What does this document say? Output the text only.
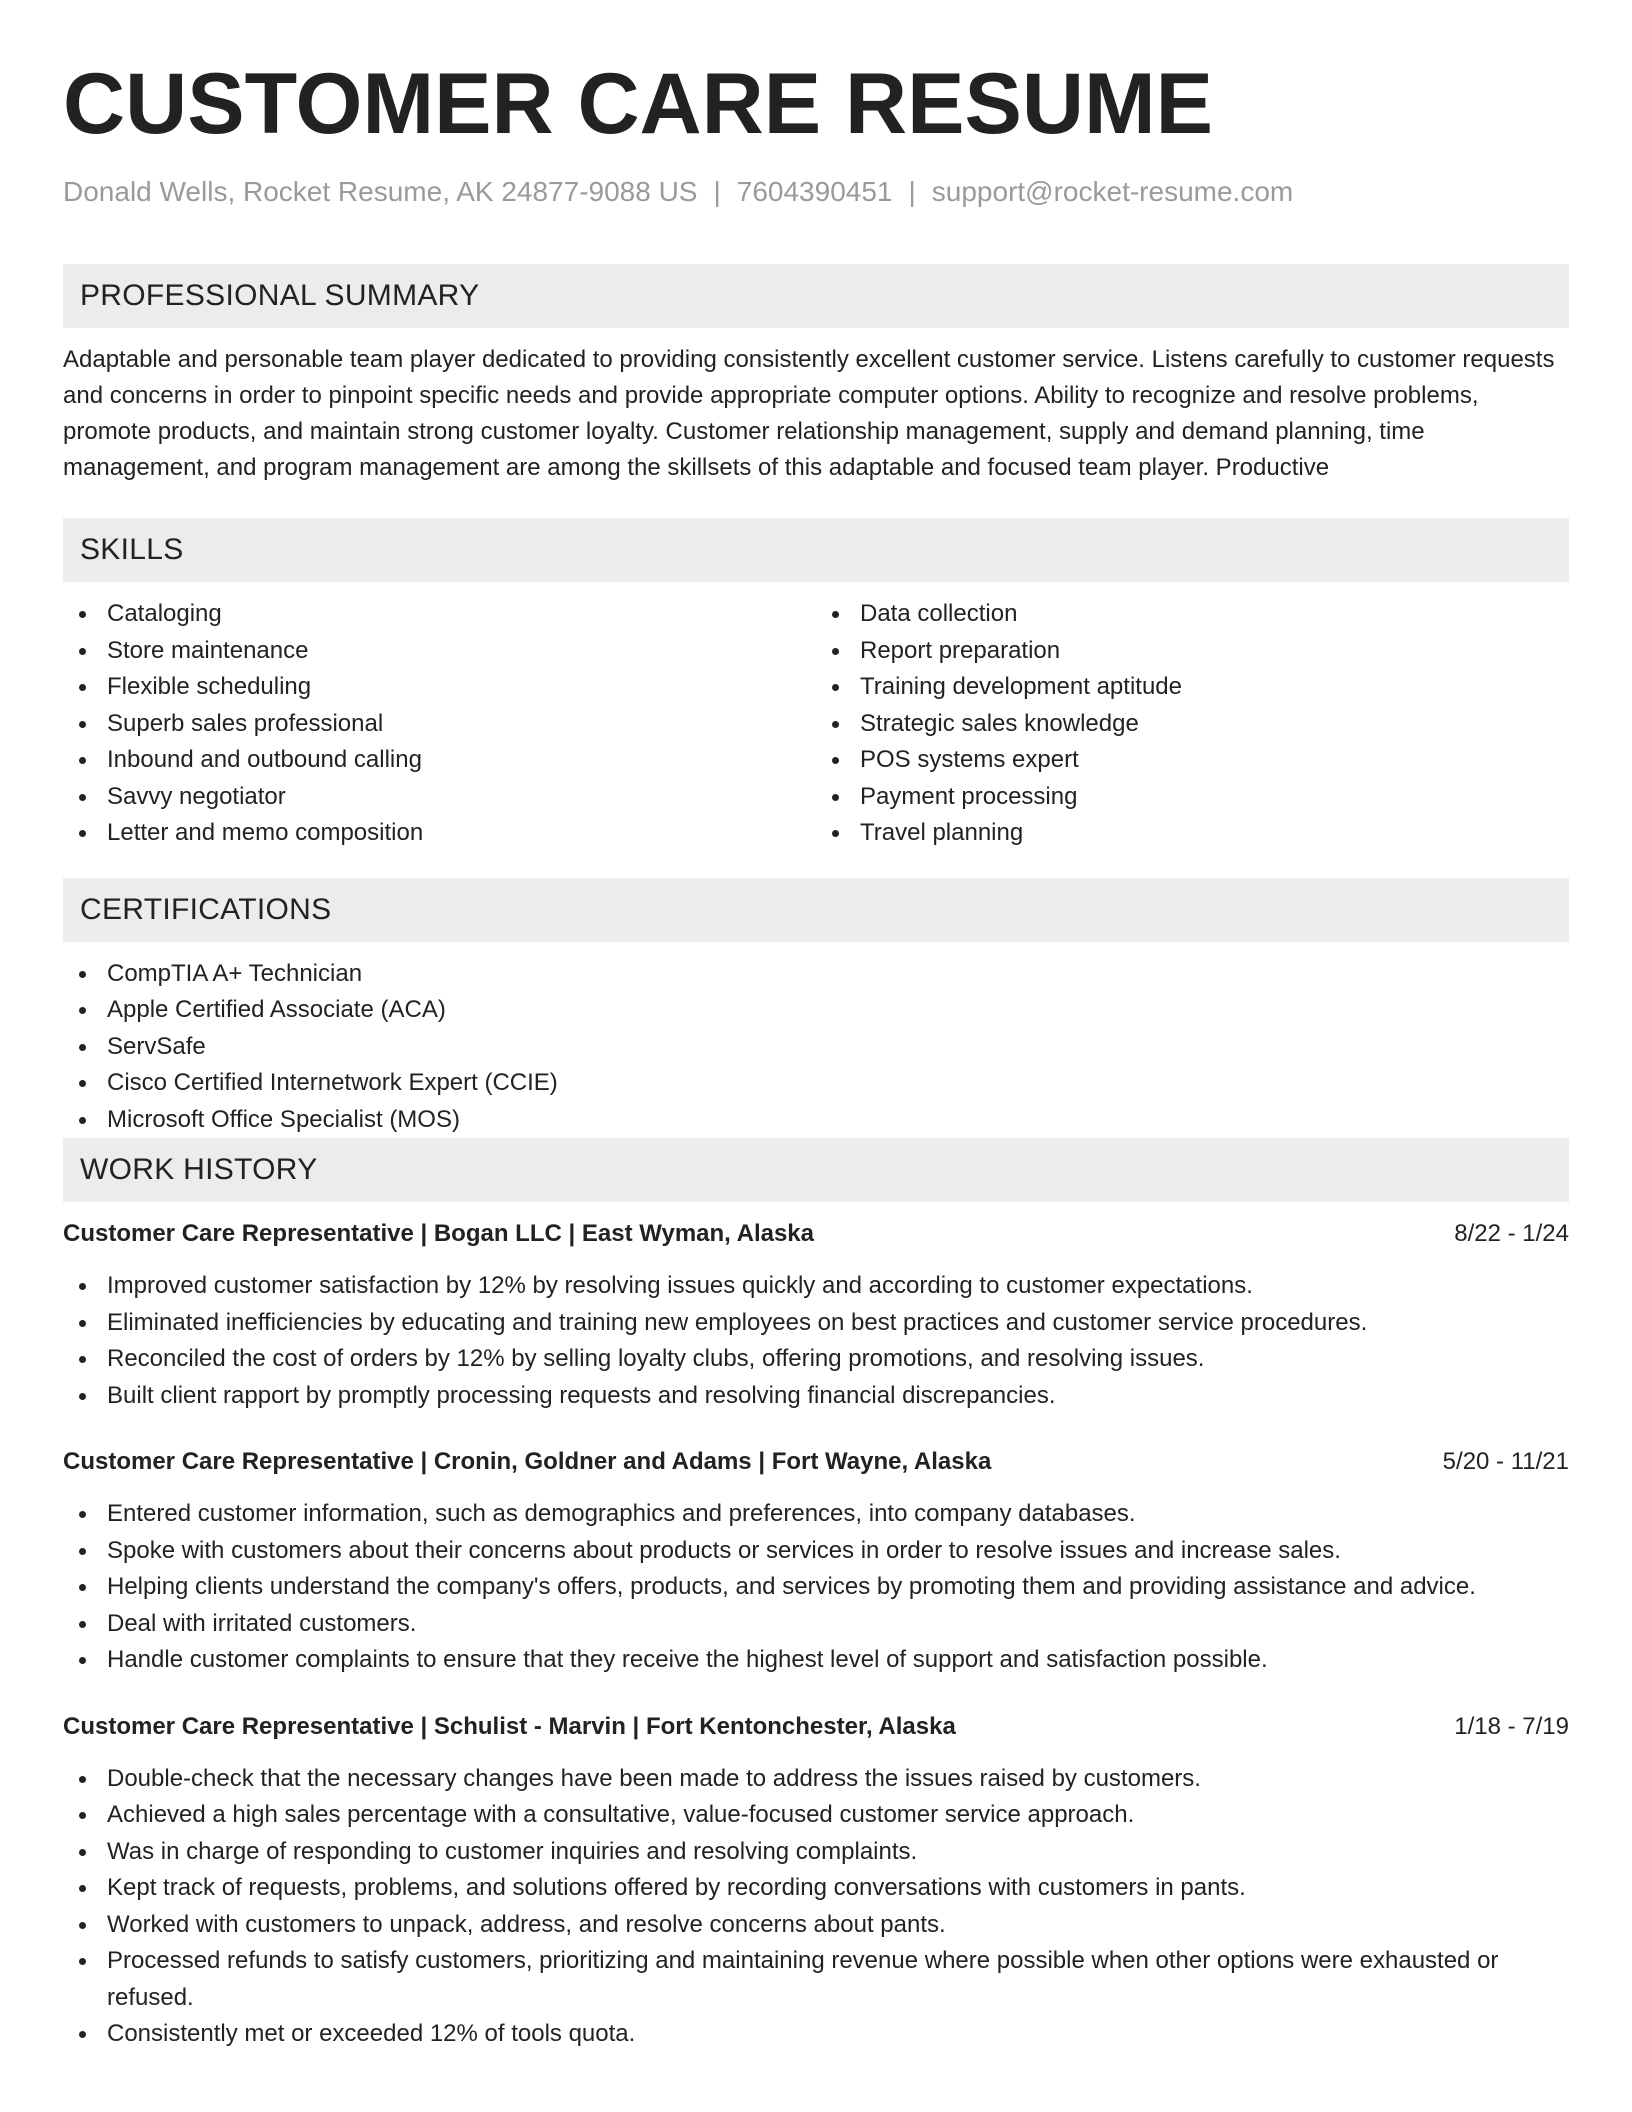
CUSTOMER CARE RESUME
Donald Wells, Rocket Resume, AK 24877-9088 US | 7604390451 | support@rocket-resume.com
PROFESSIONAL SUMMARY

Adaptable and personable team player dedicated to providing consistently excellent customer service. Listens carefully to customer requests and concerns in order to pinpoint specific needs and provide appropriate computer options. Ability to recognize and resolve problems, promote products, and maintain strong customer loyalty. Customer relationship management, supply and demand planning, time management, and program management are among the skillsets of this adaptable and focused team player. Productive

SKILLS
Cataloging
Store maintenance
Flexible scheduling
Superb sales professional
Inbound and outbound calling
Savvy negotiator
Letter and memo composition
Data collection
Report preparation
Training development aptitude
Strategic sales knowledge
POS systems expert
Payment processing
Travel planning
CERTIFICATIONS
CompTIA A+ Technician
Apple Certified Associate (ACA)
ServSafe
Cisco Certified Internetwork Expert (CCIE)
Microsoft Office Specialist (MOS)
WORK HISTORY
Customer Care Representative | Bogan LLC | East Wyman, Alaska	8/22 - 1/24
Improved customer satisfaction by 12% by resolving issues quickly and according to customer expectations.
Eliminated inefficiencies by educating and training new employees on best practices and customer service procedures.
Reconciled the cost of orders by 12% by selling loyalty clubs, offering promotions, and resolving issues.
Built client rapport by promptly processing requests and resolving financial discrepancies.
Customer Care Representative | Cronin, Goldner and Adams | Fort Wayne, Alaska	5/20 - 11/21
Entered customer information, such as demographics and preferences, into company databases.
Spoke with customers about their concerns about products or services in order to resolve issues and increase sales.
Helping clients understand the company's offers, products, and services by promoting them and providing assistance and advice.
Deal with irritated customers.
Handle customer complaints to ensure that they receive the highest level of support and satisfaction possible.
Customer Care Representative | Schulist - Marvin | Fort Kentonchester, Alaska	1/18 - 7/19
Double-check that the necessary changes have been made to address the issues raised by customers.
Achieved a high sales percentage with a consultative, value-focused customer service approach.
Was in charge of responding to customer inquiries and resolving complaints.
Kept track of requests, problems, and solutions offered by recording conversations with customers in pants.
Worked with customers to unpack, address, and resolve concerns about pants.
Processed refunds to satisfy customers, prioritizing and maintaining revenue where possible when other options were exhausted or refused.
Consistently met or exceeded 12% of tools quota.
